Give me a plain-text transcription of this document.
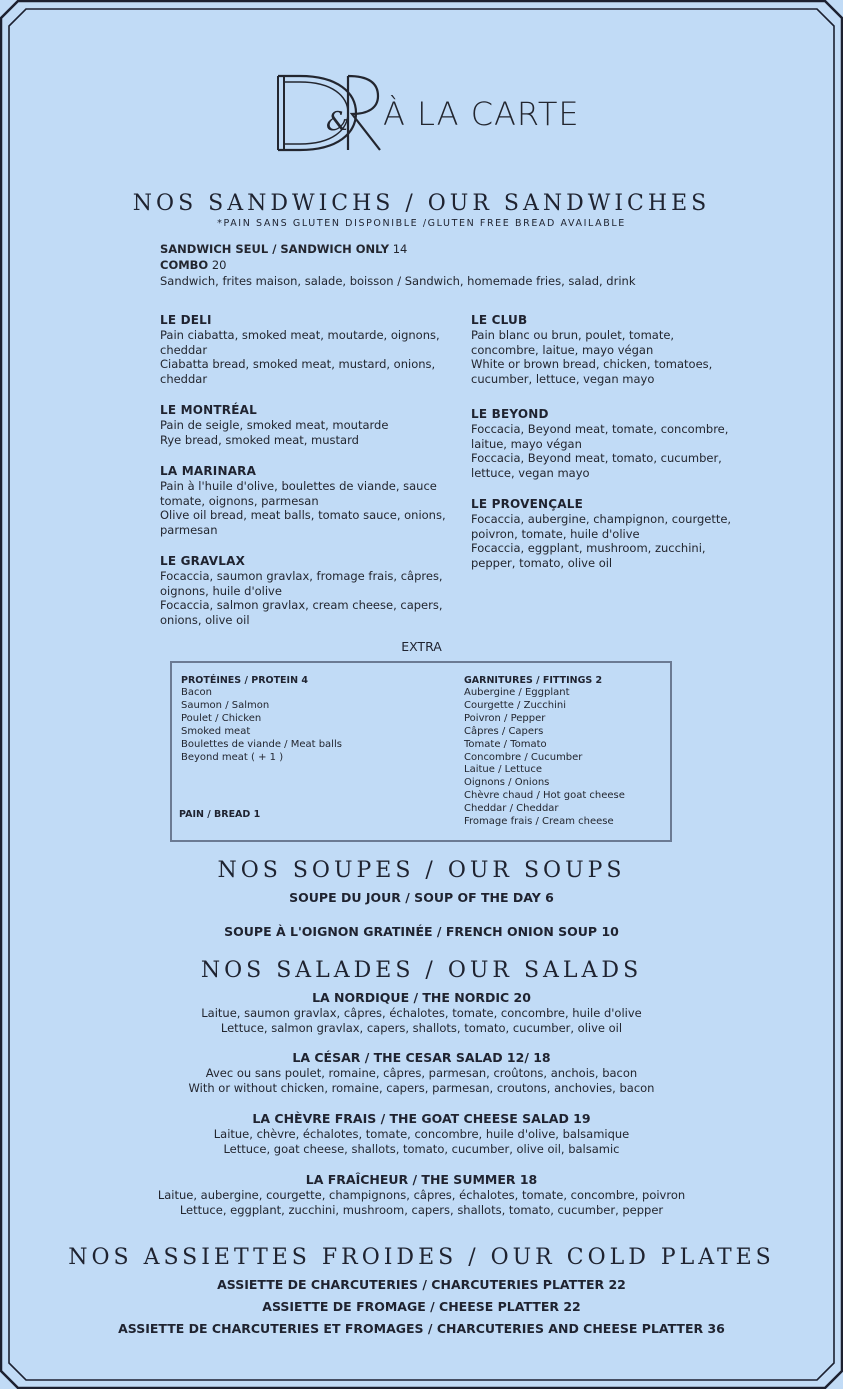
& À LA CARTE
NOS SANDWICHS / OUR SANDWICHES
*PAIN SANS GLUTEN DISPONIBLE /GLUTEN FREE BREAD AVAILABLE
SANDWICH SEUL / SANDWICH ONLY 14
COMBO 20
Sandwich, frites maison, salade, boisson / Sandwich, homemade fries, salad, drink
LE DELI
Pain ciabatta, smoked meat, moutarde, oignons, cheddar
Ciabatta bread, smoked meat, mustard, onions, cheddar
LE MONTRÉAL
Pain de seigle, smoked meat, moutarde
Rye bread, smoked meat, mustard
LA MARINARA
Pain à l'huile d'olive, boulettes de viande, sauce tomate, oignons, parmesan
Olive oil bread, meat balls, tomato sauce, onions, parmesan
LE GRAVLAX
Focaccia, saumon gravlax, fromage frais, câpres, oignons, huile d'olive
Focaccia, salmon gravlax, cream cheese, capers, onions, olive oil
LE CLUB
Pain blanc ou brun, poulet, tomate, concombre, laitue, mayo végan
White or brown bread, chicken, tomatoes, cucumber, lettuce, vegan mayo
LE BEYOND
Foccacia, Beyond meat, tomate, concombre, laitue, mayo végan
Foccacia, Beyond meat, tomato, cucumber, lettuce, vegan mayo
LE PROVENÇALE
Focaccia, aubergine, champignon, courgette, poivron, tomate, huile d'olive
Focaccia, eggplant, mushroom, zucchini, pepper, tomato, olive oil
EXTRA
PROTÉINES / PROTEIN 4
Bacon
Saumon / Salmon
Poulet / Chicken
Smoked meat
Boulettes de viande / Meat balls
Beyond meat ( + 1 )
PAIN / BREAD 1
GARNITURES / FITTINGS 2
Aubergine / Eggplant
Courgette / Zucchini
Poivron / Pepper
Câpres / Capers
Tomate / Tomato
Concombre / Cucumber
Laitue / Lettuce
Oignons / Onions
Chèvre chaud / Hot goat cheese
Cheddar / Cheddar
Fromage frais / Cream cheese
NOS SOUPES / OUR SOUPS
SOUPE DU JOUR / SOUP OF THE DAY 6
SOUPE À L'OIGNON GRATINÉE / FRENCH ONION SOUP 10
NOS SALADES / OUR SALADS
LA NORDIQUE / THE NORDIC 20
Laitue, saumon gravlax, câpres, échalotes, tomate, concombre, huile d'olive
Lettuce, salmon gravlax, capers, shallots, tomato, cucumber, olive oil
LA CÉSAR / THE CESAR SALAD 12/ 18
Avec ou sans poulet, romaine, câpres, parmesan, croûtons, anchois, bacon
With or without chicken, romaine, capers, parmesan, croutons, anchovies, bacon
LA CHÈVRE FRAIS / THE GOAT CHEESE SALAD 19
Laitue, chèvre, échalotes, tomate, concombre, huile d'olive, balsamique
Lettuce, goat cheese, shallots, tomato, cucumber, olive oil, balsamic
LA FRAÎCHEUR / THE SUMMER 18
Laitue, aubergine, courgette, champignons, câpres, échalotes, tomate, concombre, poivron
Lettuce, eggplant, zucchini, mushroom, capers, shallots, tomato, cucumber, pepper
NOS ASSIETTES FROIDES / OUR COLD PLATES
ASSIETTE DE CHARCUTERIES / CHARCUTERIES PLATTER 22
ASSIETTE DE FROMAGE / CHEESE PLATTER 22
ASSIETTE DE CHARCUTERIES ET FROMAGES / CHARCUTERIES AND CHEESE PLATTER 36
